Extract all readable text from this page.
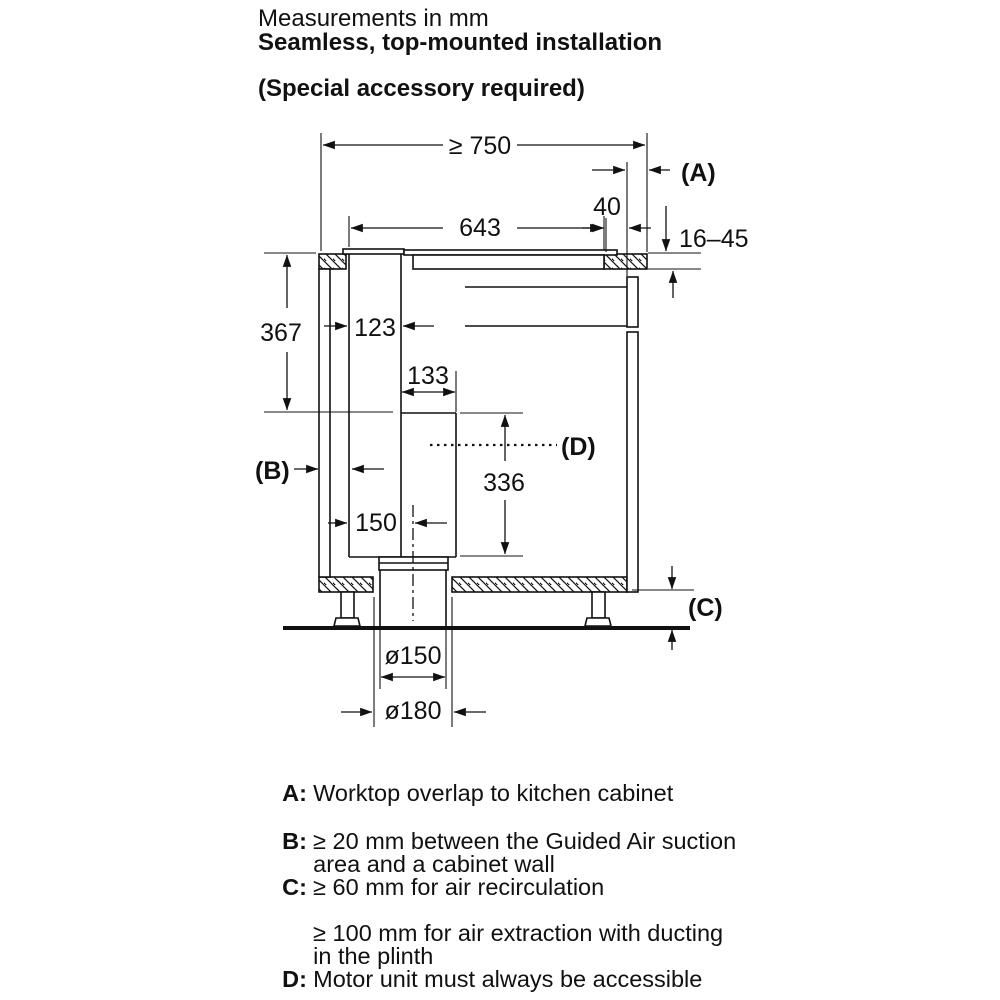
Measurements in mm
Seamless, top-mounted installation
(Special accessory required)
≥ 750
(A)
40
16–45
643
367 123
133
(D)
336
(B)
150
(C)
ø150
ø180

A: Worktop overlap to kitchen cabinet

B: ≥ 20 mm between the Guided Air suction

area and a cabinet wall

C: ≥ 60 mm for air recirculation

≥ 100 mm for air extraction with ducting

in the plinth

D: Motor unit must always be accessible
